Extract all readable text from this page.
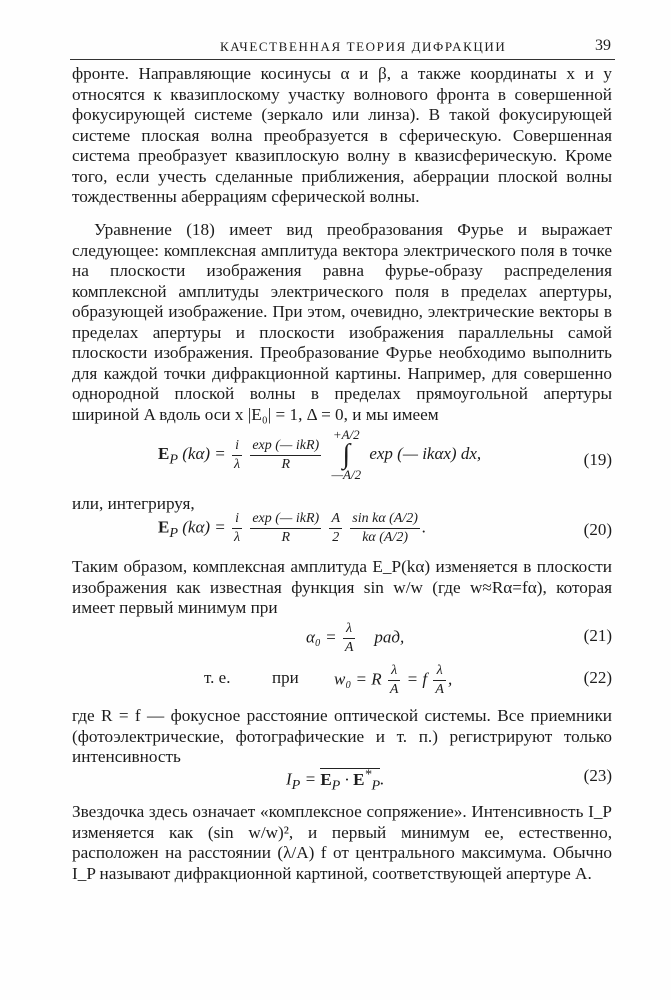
КАЧЕСТВЕННАЯ ТЕОРИЯ ДИФРАКЦИИ	39

фронте. Направляющие косинусы α и β, а также координаты x и y относятся к квазиплоскому участку волнового фронта в совершенной фокусирующей системе (зеркало или линза). В такой фокусирующей системе плоская волна преобразуется в сферическую. Совершенная система преобразует квазиплоскую волну в квазисферическую. Кроме того, если учесть сделанные приближения, аберрации плоской волны тождественны аберрациям сферической волны.

Уравнение (18) имеет вид преобразования Фурье и выражает следующее: комплексная амплитуда вектора электрического поля в точке на плоскости изображения равна фурье-образу распределения комплексной амплитуды электрического поля в пределах апертуры, образующей изображение. При этом, очевидно, электрические векторы в пределах апертуры и плоскости изображения параллельны самой плоскости изображения. Преобразование Фурье необходимо выполнить для каждой точки дифракционной картины. Например, для совершенно однородной плоской волны в пределах прямоугольной апертуры шириной A вдоль оси x |E₀| = 1, Δ = 0, и мы имеем

$E_P$ $(k\alpha) = \frac{i}{\lambda}$
$\frac{\text{exp (— ikR)}}{R}$

+A/2
∫
—A/2
exp (— ikαx) dx,	(19)
или, интегрируя,
$E_P$ $(k\alpha) = \frac{i}{\lambda}$
$\frac{\text{exp (— ikR)}}{R}$
$\frac{A}{2}$
$\frac{\text{sin kα (A/2)}}{k\alpha (A/2)}$ .	(20)

Таким образом, комплексная амплитуда E_P(kα) изменяется в плоскости изображения как известная функция sin w/w (где w≈Rα=fα), которая имеет первый минимум при

$\alpha_0 = \frac{\lambda}{A}$ рад,	(21)
т. е. при w₀ = R $\frac{\lambda}{A} = f \frac{\lambda}{A}$ ,	(22)

где R = f — фокусное расстояние оптической системы. Все приемники (фотоэлектрические, фотографические и т. п.) регистрируют только интенсивность

$I_P = E_P \cdot E^*_P$.	(23)

Звездочка здесь означает «комплексное сопряжение». Интенсивность I_P изменяется как (sin w/w)², и первый минимум ее, естественно, расположен на расстоянии (λ/A) f от центрального максимума. Обычно I_P называют дифракционной картиной, соответствующей апертуре A.
